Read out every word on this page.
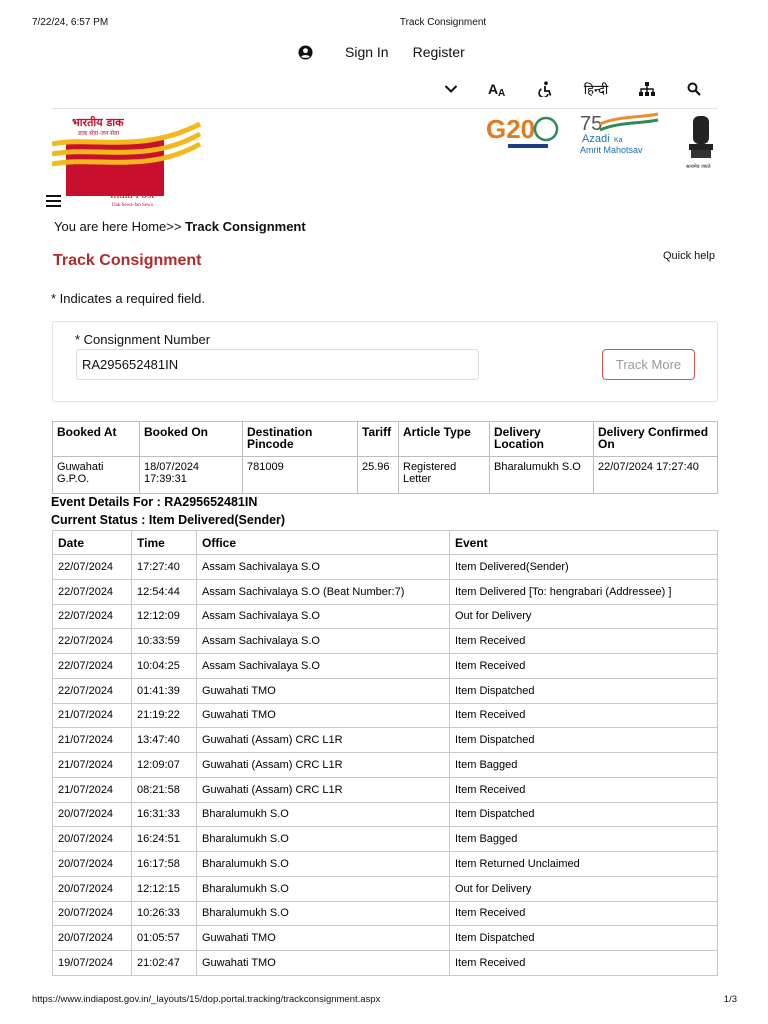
7/22/24, 6:57 PM	Track Consignment
Sign In Register
A A	हिन्दी
भारतीय डाक
डाक सेवा-जन सेवा
India Post
Dak Sewa-Jan Sewa
G20 75
Azadi Ka
Amrit Mahotsav
सत्यमेव जयते
You are here Home>> Track Consignment
Track Consignment	Quick help
* Indicates a required field.
* Consignment Number
RA295652481IN	Track More
Booked At	Booked On	Destination Pincode	Tariff	Article Type	Delivery Location	Delivery Confirmed On
Guwahati G.P.O.	18/07/2024 17:39:31	781009	25.96	Registered Letter	Bharalumukh S.O	22/07/2024 17:27:40
Event Details For : RA295652481IN
Current Status : Item Delivered(Sender)
Date	Time	Office	Event
22/07/2024	17:27:40	Assam Sachivalaya S.O	Item Delivered(Sender)
22/07/2024	12:54:44	Assam Sachivalaya S.O (Beat Number:7)	Item Delivered [To: hengrabari (Addressee) ]
22/07/2024	12:12:09	Assam Sachivalaya S.O	Out for Delivery
22/07/2024	10:33:59	Assam Sachivalaya S.O	Item Received
22/07/2024	10:04:25	Assam Sachivalaya S.O	Item Received
22/07/2024	01:41:39	Guwahati TMO	Item Dispatched
21/07/2024	21:19:22	Guwahati TMO	Item Received
21/07/2024	13:47:40	Guwahati (Assam) CRC L1R	Item Dispatched
21/07/2024	12:09:07	Guwahati (Assam) CRC L1R	Item Bagged
21/07/2024	08:21:58	Guwahati (Assam) CRC L1R	Item Received
20/07/2024	16:31:33	Bharalumukh S.O	Item Dispatched
20/07/2024	16:24:51	Bharalumukh S.O	Item Bagged
20/07/2024	16:17:58	Bharalumukh S.O	Item Returned Unclaimed
20/07/2024	12:12:15	Bharalumukh S.O	Out for Delivery
20/07/2024	10:26:33	Bharalumukh S.O	Item Received
20/07/2024	01:05:57	Guwahati TMO	Item Dispatched
19/07/2024	21:02:47	Guwahati TMO	Item Received
https://www.indiapost.gov.in/_layouts/15/dop.portal.tracking/trackconsignment.aspx	1/3
